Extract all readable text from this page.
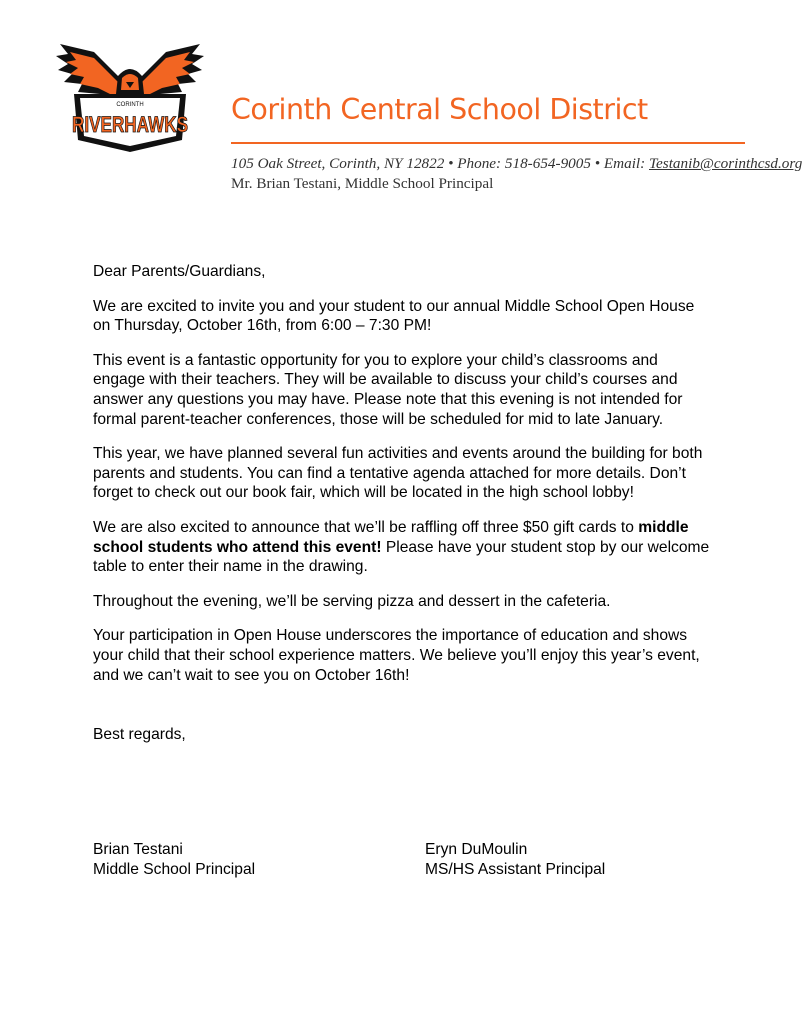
CORINTH
RIVERHAWKS Corinth Central School District
105 Oak Street, Corinth, NY 12822 • Phone: 518-654-9005 • Email: Testanib@corinthcsd.org
Mr. Brian Testani, Middle School Principal

Dear Parents/Guardians,

We are excited to invite you and your student to our annual Middle School Open House on Thursday, October 16th, from 6:00 – 7:30 PM!

This event is a fantastic opportunity for you to explore your child’s classrooms and engage with their teachers. They will be available to discuss your child’s courses and answer any questions you may have. Please note that this evening is not intended for formal parent-teacher conferences, those will be scheduled for mid to late January.

This year, we have planned several fun activities and events around the building for both parents and students. You can find a tentative agenda attached for more details. Don’t forget to check out our book fair, which will be located in the high school lobby!

We are also excited to announce that we’ll be raffling off three $50 gift cards to middle school students who attend this event! Please have your student stop by our welcome table to enter their name in the drawing.

Throughout the evening, we’ll be serving pizza and dessert in the cafeteria.

Your participation in Open House underscores the importance of education and shows your child that their school experience matters. We believe you’ll enjoy this year’s event, and we can’t wait to see you on October 16th!

Best regards,

Brian Testani
Middle School Principal
Eryn DuMoulin
MS/HS Assistant Principal
